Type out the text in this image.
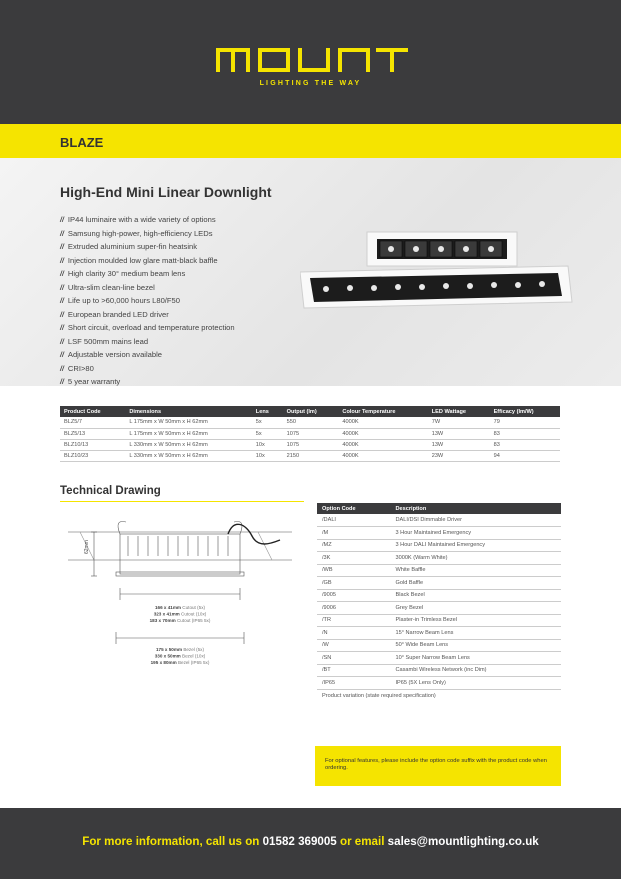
LIGHTING THE WAY
BLAZE
High-End Mini Linear Downlight
// IP44 luminaire with a wide variety of options
// Samsung high-power, high-efficiency LEDs
// Extruded aluminium super-fin heatsink
// Injection moulded low glare matt-black baffle
// High clarity 30° medium beam lens
// Ultra-slim clean-line bezel
// Life up to >60,000 hours L80/F50
// European branded LED driver
// Short circuit, overload and temperature protection
// LSF 500mm mains lead
// Adjustable version available
// CRI>80
// 5 year warranty
Product Code	Dimensions	Lens	Output (lm)	Colour Temperature	LED Wattage	Efficacy (lm/W)
BLZ5/7	L 175mm x W 50mm x H 62mm	5x	550	4000K	7W	79
BLZ5/13	L 175mm x W 50mm x H 62mm	5x	1075	4000K	13W	83
BLZ10/13	L 330mm x W 50mm x H 62mm	10x	1075	4000K	13W	83
BLZ10/23	L 330mm x W 50mm x H 62mm	10x	2150	4000K	23W	94
Technical Drawing
62mm
166 x 41mm Cutout (5x)
323 x 41mm Cutout (10x)
183 x 70mm Cutout (IP65 5x)
175 x 50mm Bezel (5x)
330 x 50mm Bezel (10x)
195 x 80mm Bezel (IP65 5x)
Option Code	Description
/DALI	DALI/DSI Dimmable Driver
/M	3 Hour Maintained Emergency
/MZ	3 Hour DALI Maintained Emergency
/3K	3000K (Warm White)
/WB	White Baffle
/GB	Gold Baffle
/9005	Black Bezel
/9006	Grey Bezel
/TR	Plaster-in Trimless Bezel
/N	15° Narrow Beam Lens
/W	50° Wide Beam Lens
/SN	10° Super Narrow Beam Lens
/BT	Casambi Wireless Network (inc Dim)
/IP65	IP65 (5X Lens Only)
Product variation (state required specification)	
For optional features, please include the option code suffix with the product code when ordering.
For more information, call us on 01582 369005 or email sales@mountlighting.co.uk
